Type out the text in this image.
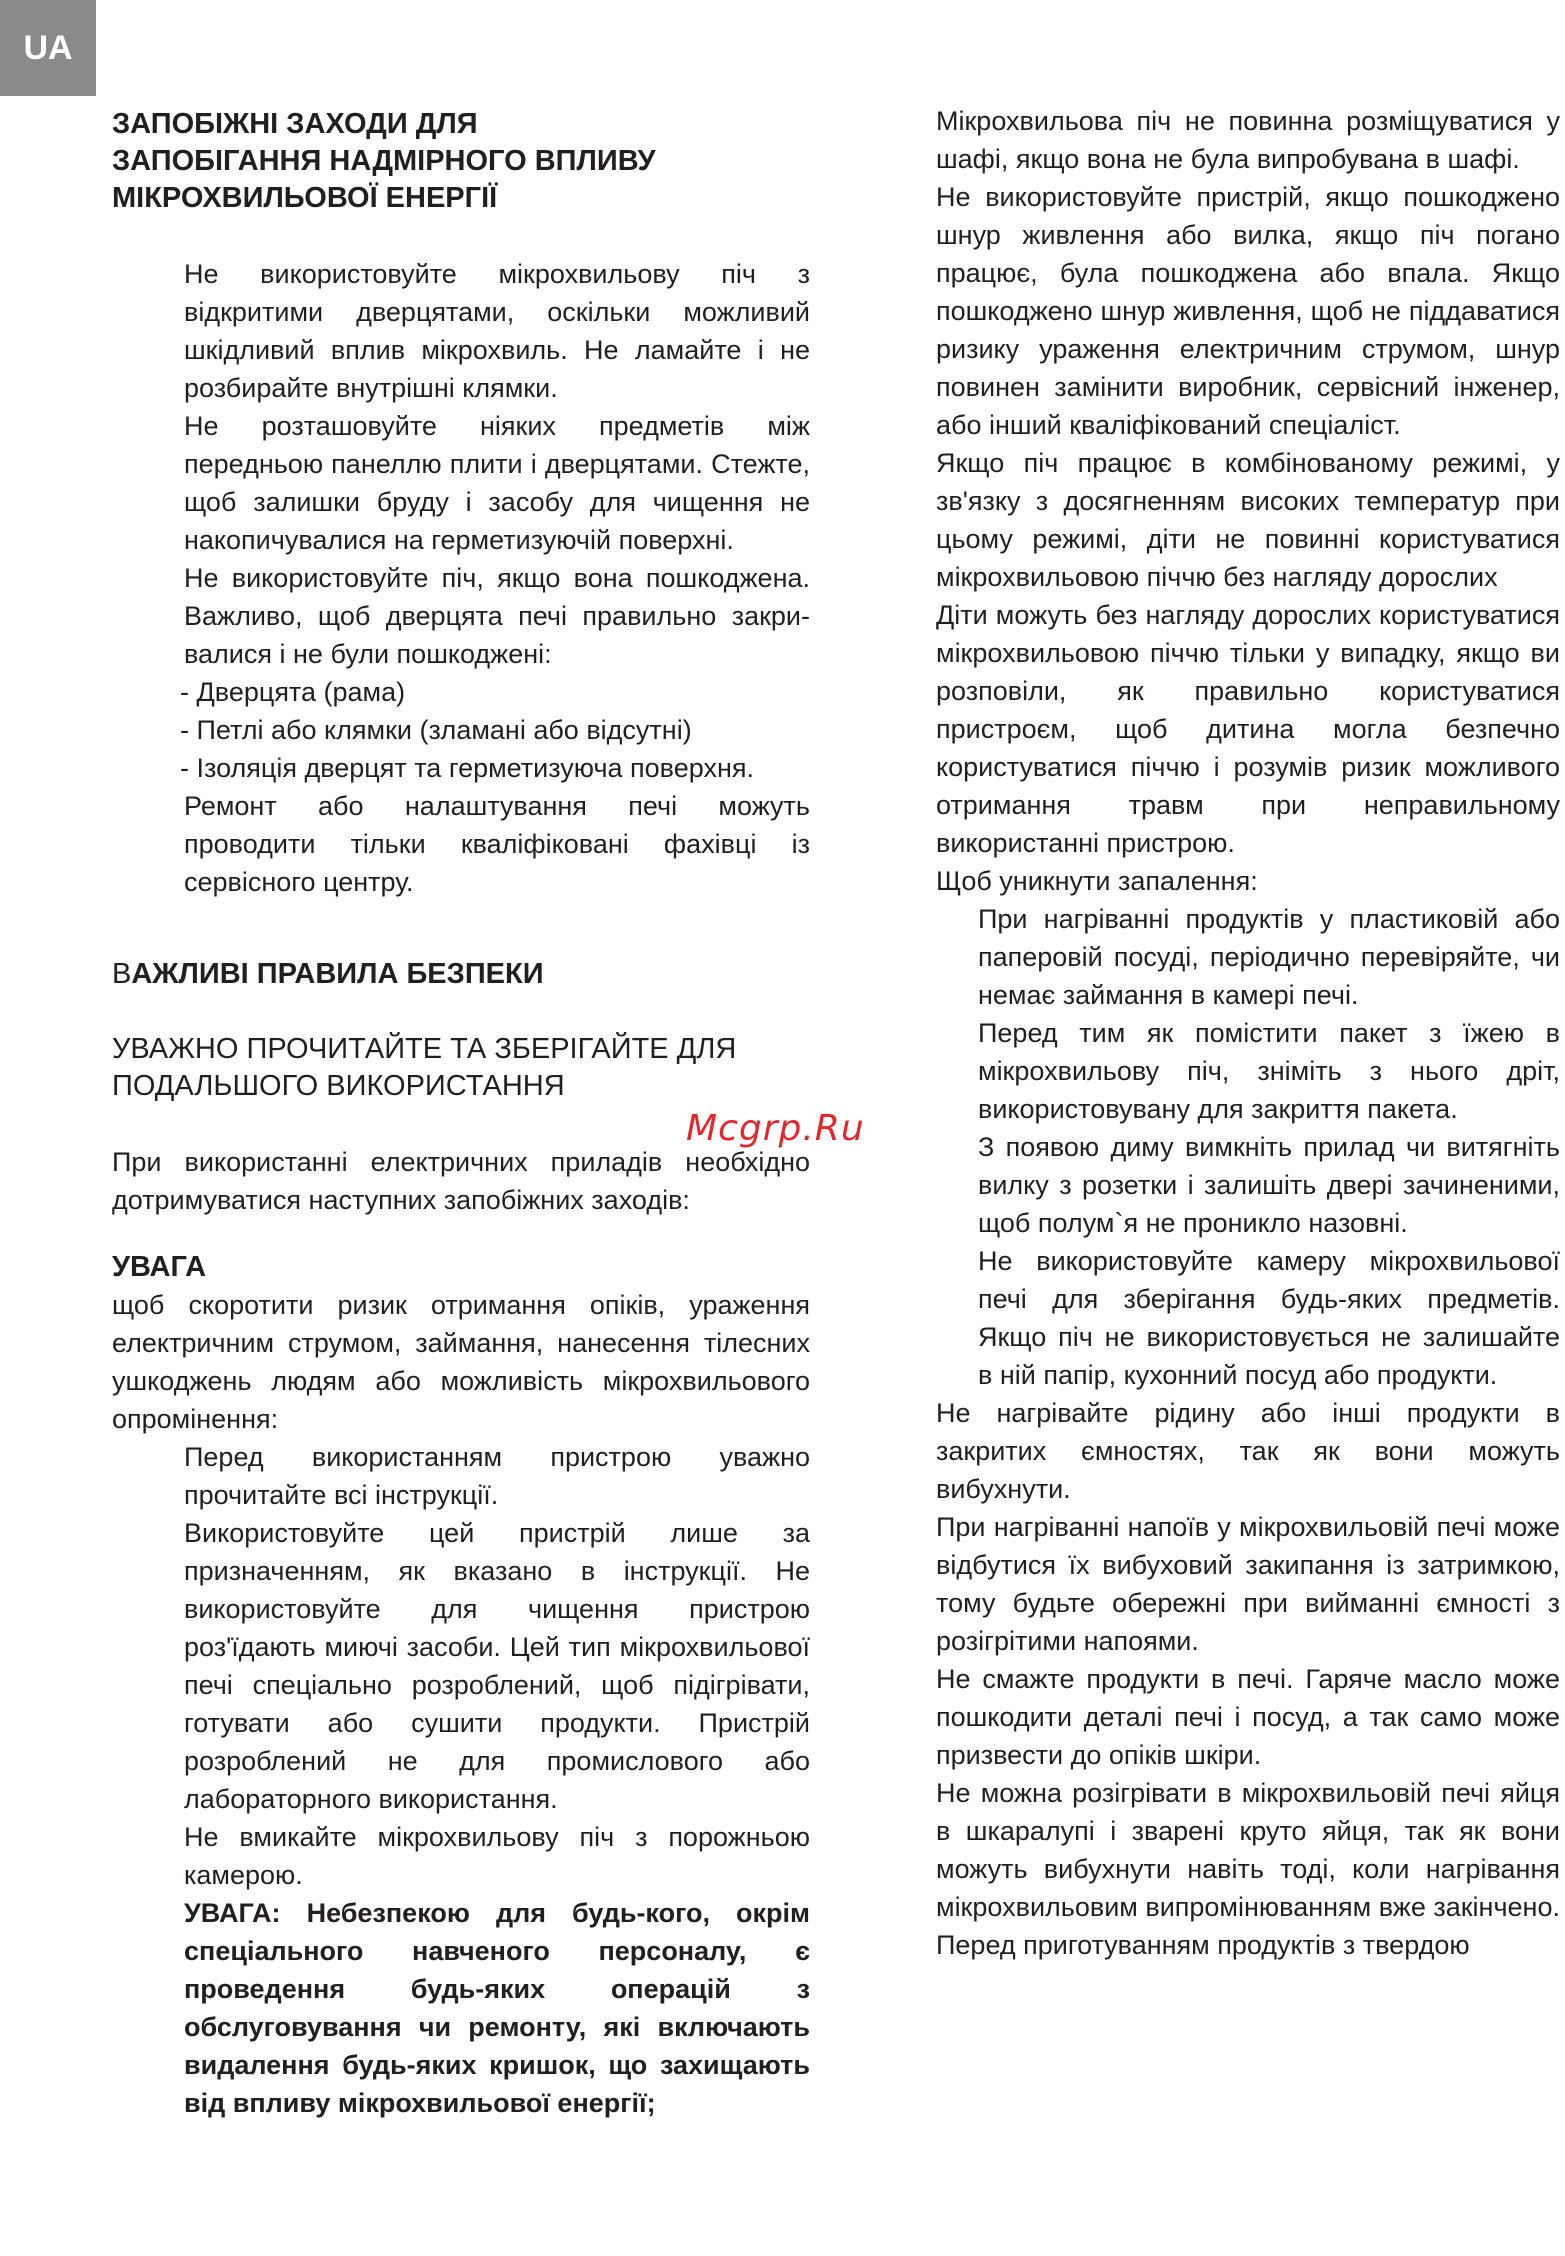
UA
ЗАПОБІЖНІ ЗАХОДИ ДЛЯ
ЗАПОБІГАННЯ НАДМІРНОГО ВПЛИВУ
МІКРОХВИЛЬОВОЇ ЕНЕРГІЇ

Не використовуйте мікрохвильову піч з відкритими дверцятами, оскільки можливий шкідливий вплив мікрохвиль. Не ламайте і не розбирайте внутрішні клямки.

Не розташовуйте ніяких предметів між передньою панеллю плити і дверцятами. Стежте, щоб залишки бруду і засобу для чищення не накопичувалися на герметизуючій поверхні.

Не використовуйте піч, якщо вона пошкоджена. Важливо, щоб дверцята печі правильно закри-валися і не були пошкоджені:

- Дверцята (рама)

- Петлі або клямки (зламані або відсутні)

- Ізоляція дверцят та герметизуюча поверхня.

Ремонт або налаштування печі можуть проводити тільки кваліфіковані фахівці із сервісного центру.

ВАЖЛИВІ ПРАВИЛА БЕЗПЕКИ
УВАЖНО ПРОЧИТАЙТЕ ТА ЗБЕРІГАЙТЕ ДЛЯ
ПОДАЛЬШОГО ВИКОРИСТАННЯ

При використанні електричних приладів необхідно дотримуватися наступних запобіжних заходів:

УВАГА

щоб скоротити ризик отримання опіків, ураження електричним струмом, займання, нанесення тілесних ушкоджень людям або можливість мікрохвильового опромінення:

Перед використанням пристрою уважно прочитайте всі інструкції.

Використовуйте цей пристрій лише за призначенням, як вказано в інструкції. Не використовуйте для чищення пристрою роз'їдають миючі засоби. Цей тип мікрохвильової печі спеціально розроблений, щоб підігрівати, готувати або сушити продукти. Пристрій розроблений не для промислового або лабораторного використання.

Не вмикайте мікрохвильову піч з порожньою камерою.

УВАГА: Небезпекою для будь-кого, окрім спеціального навченого персоналу, є проведення будь-яких операцій з обслуговування чи ремонту, які включають видалення будь-яких кришок, що захищають від впливу мікрохвильової енергії;

Мікрохвильова піч не повинна розміщуватися у шафі, якщо вона не була випробувана в шафі.

Не використовуйте пристрій, якщо пошкоджено шнур живлення або вилка, якщо піч погано працює, була пошкоджена або впала. Якщо пошкоджено шнур живлення, щоб не піддаватися ризику ураження електричним струмом, шнур повинен замінити виробник, сервісний інженер, або інший кваліфікований спеціаліст.

Якщо піч працює в комбінованому режимі, у зв'язку з досягненням високих температур при цьому режимі, діти не повинні користуватися мікрохвильовою піччю без нагляду дорослих

Діти можуть без нагляду дорослих користуватися мікрохвильовою піччю тільки у випадку, якщо ви розповіли, як правильно користуватися пристроєм, щоб дитина могла безпечно користуватися піччю і розумів ризик можливого отримання травм при неправильному використанні пристрою.

Щоб уникнути запалення:

При нагріванні продуктів у пластиковій або паперовій посуді, періодично перевіряйте, чи немає займання в камері печі.

Перед тим як помістити пакет з їжею в мікрохвильову піч, зніміть з нього дріт, використовувану для закриття пакета.

З появою диму вимкніть прилад чи витягніть вилку з розетки і залишіть двері зачиненими, щоб полум`я не проникло назовні.

Не використовуйте камеру мікрохвильової печі для зберігання будь-яких предметів. Якщо піч не використовується не залишайте в ній папір, кухонний посуд або продукти.

Не нагрівайте рідину або інші продукти в закритих ємностях, так як вони можуть вибухнути.

При нагріванні напоїв у мікрохвильовій печі може відбутися їх вибуховий закипання із затримкою, тому будьте обережні при вийманні ємності з розігрітими напоями.

Не смажте продукти в печі. Гаряче масло може пошкодити деталі печі і посуд, а так само може призвести до опіків шкіри.

Не можна розігрівати в мікрохвильовій печі яйця в шкаралупі і зварені круто яйця, так як вони можуть вибухнути навіть тоді, коли нагрівання мікрохвильовим випромінюванням вже закінчено.

Перед приготуванням продуктів з твердою

Mcgrp.Ru
